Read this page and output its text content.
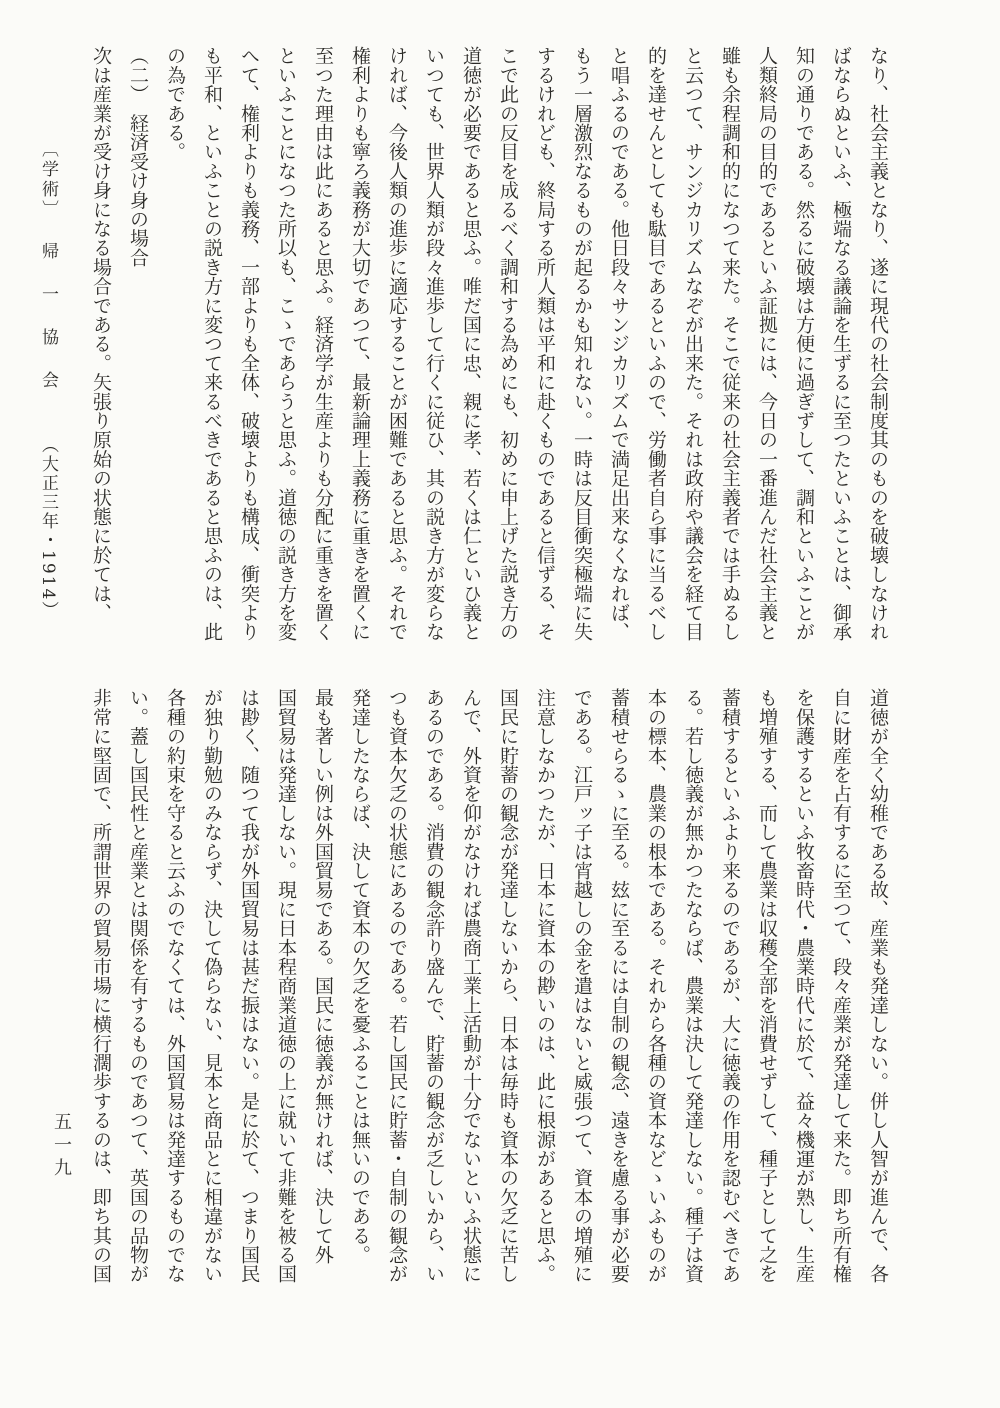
〔学術〕帰一協会（大正三年・1914）	なり、社会主義となり、遂に現代の社会制度其のものを破壊しなけれ

ばならぬといふ、極端なる議論を生ずるに至つたといふことは、御承

知の通りである。然るに破壊は方便に過ぎずして、調和といふことが

人類終局の目的であるといふ証拠には、今日の一番進んだ社会主義と

雖も余程調和的になつて来た。そこで従来の社会主義者では手ぬるし

と云つて、サンジカリズムなぞが出来た。それは政府や議会を経て目

的を達せんとしても駄目であるといふので、労働者自ら事に当るべし

と唱ふるのである。他日段々サンジカリズムで満足出来なくなれば、

もう一層激烈なるものが起るかも知れない。一時は反目衝突極端に失

するけれども、終局する所人類は平和に赴くものであると信ずる、そ

こで此の反目を成るべく調和する為めにも、初めに申上げた説き方の

道徳が必要であると思ふ。唯だ国に忠、親に孝、若くは仁といひ義と

いつても、世界人類が段々進歩して行くに従ひ、其の説き方が変らな

ければ、今後人類の進歩に適応することが困難であると思ふ。それで

権利よりも寧ろ義務が大切であつて、最新論理上義務に重きを置くに

至つた理由は此にあると思ふ。経済学が生産よりも分配に重きを置く

といふことになつた所以も、こゝであらうと思ふ。道徳の説き方を変

へて、権利よりも義務、一部よりも全体、破壊よりも構成、衝突より

も平和、といふことの説き方に変つて来るべきであると思ふのは、此

の為である。

（二）　経済受け身の場合

次は産業が受け身になる場合である。矢張り原始の状態に於ては、

道徳が全く幼稚である故、産業も発達しない。併し人智が進んで、各

自に財産を占有するに至つて、段々産業が発達して来た。即ち所有権

を保護するといふ牧畜時代・農業時代に於て、益々機運が熟し、生産

も増殖する、而して農業は収穫全部を消費せずして、種子として之を

蓄積するといふより来るのであるが、大に徳義の作用を認むべきであ

る。若し徳義が無かつたならば、農業は決して発達しない。種子は資

本の標本、農業の根本である。それから各種の資本などゝいふものが

蓄積せらるゝに至る。玆に至るには自制の観念、遠きを慮る事が必要

である。江戸ッ子は宵越しの金を遣はないと威張つて、資本の増殖に

注意しなかつたが、日本に資本の尠いのは、此に根源があると思ふ。

国民に貯蓄の観念が発達しないから、日本は毎時も資本の欠乏に苦し

んで、外資を仰がなければ農商工業上活動が十分でないといふ状態に

あるのである。消費の観念許り盛んで、貯蓄の観念が乏しいから、い

つも資本欠乏の状態にあるのである。若し国民に貯蓄・自制の観念が

発達したならば、決して資本の欠乏を憂ふることは無いのである。

最も著しい例は外国貿易である。国民に徳義が無ければ、決して外

国貿易は発達しない。現に日本程商業道徳の上に就いて非難を被る国

は尠く、随つて我が外国貿易は甚だ振はない。是に於て、つまり国民

が独り勤勉のみならず、決して偽らない、見本と商品とに相違がない

各種の約束を守ると云ふのでなくては、外国貿易は発達するものでな

い。蓋し国民性と産業とは関係を有するものであつて、英国の品物が

非常に堅固で、所謂世界の貿易市場に横行濶歩するのは、即ち其の国

五一九
